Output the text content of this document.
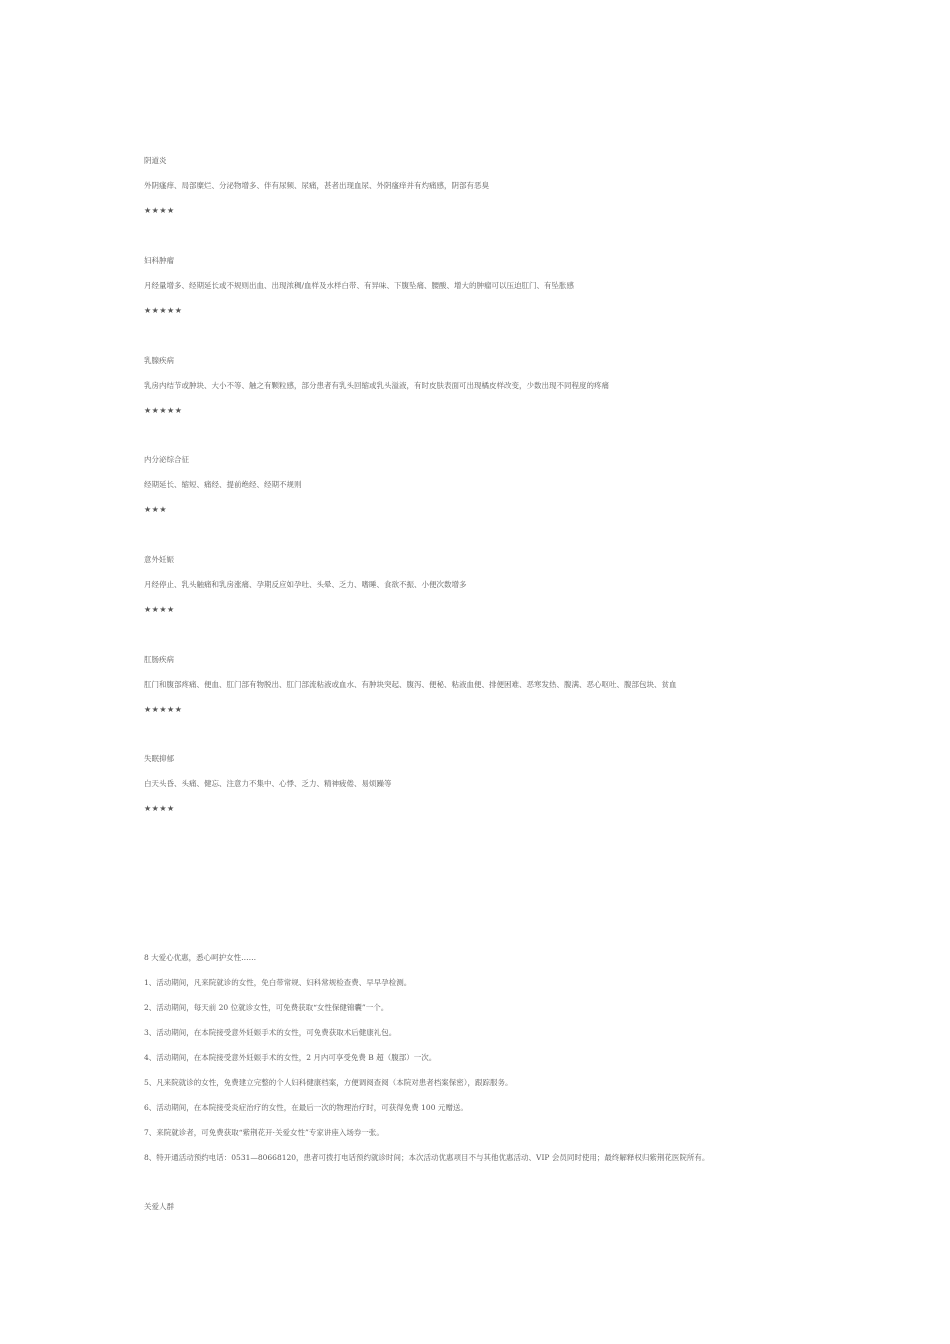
阴道炎
外阴瘙痒、局部糜烂、分泌物增多、伴有尿频、尿痛，甚者出现血尿、外阴瘙痒并有灼痛感，阴部有恶臭
★★★★
妇科肿瘤
月经量增多、经期延长或不规则出血、出现浓稠/血样及水样白带、有异味、下腹坠痛、腰酸、增大的肿瘤可以压迫肛门、有坠胀感
★★★★★
乳腺疾病
乳房内结节或肿块、大小不等、触之有颗粒感，部分患者有乳头回缩或乳头溢液，有时皮肤表面可出现橘皮样改变，少数出现不同程度的疼痛
★★★★★
内分泌综合征
经期延长、缩短、痛经、提前绝经、经期不规则
★★★
意外妊娠
月经停止、乳头触痛和乳房涨痛、孕期反应如孕吐、头晕、乏力、嗜睡、食欲不振、小便次数增多
★★★★
肛肠疾病
肛门和腹部疼痛、便血、肛门部有物脱出、肛门部流粘液或血水、有肿块突起、腹泻、便秘、粘液血便、排便困难、恶寒发热、腹满、恶心呕吐、腹部包块、贫血
★★★★★
失眠抑郁
白天头昏、头痛、健忘、注意力不集中、心悸、乏力、精神疲倦、易烦躁等
★★★★
8 大爱心优惠，悉心呵护女性……
1、活动期间，凡来院就诊的女性，免白带常规、妇科常规检查费、早早孕检测。
2、活动期间，每天前 20 位就诊女性，可免费获取“女性保健锦囊”一个。
3、活动期间，在本院接受意外妊娠手术的女性，可免费获取术后健康礼包。
4、活动期间，在本院接受意外妊娠手术的女性，2 月内可享受免费 B 超（腹部）一次。
5、凡来院就诊的女性，免费建立完整的个人妇科健康档案，方便调阅查阅（本院对患者档案保密），跟踪服务。
6、活动期间，在本院接受炎症治疗的女性，在最后一次的物理治疗时，可获得免费 100 元赠送。
7、来院就诊者，可免费获取“紫荆花开·关爱女性”专家讲座入场券一张。
8、特开通活动预约电话：0531—80668120，患者可拨打电话预约就诊时间；本次活动优惠项目不与其他优惠活动、VIP 会员同时使用；最终解释权归紫荆花医院所有。
关爱人群
